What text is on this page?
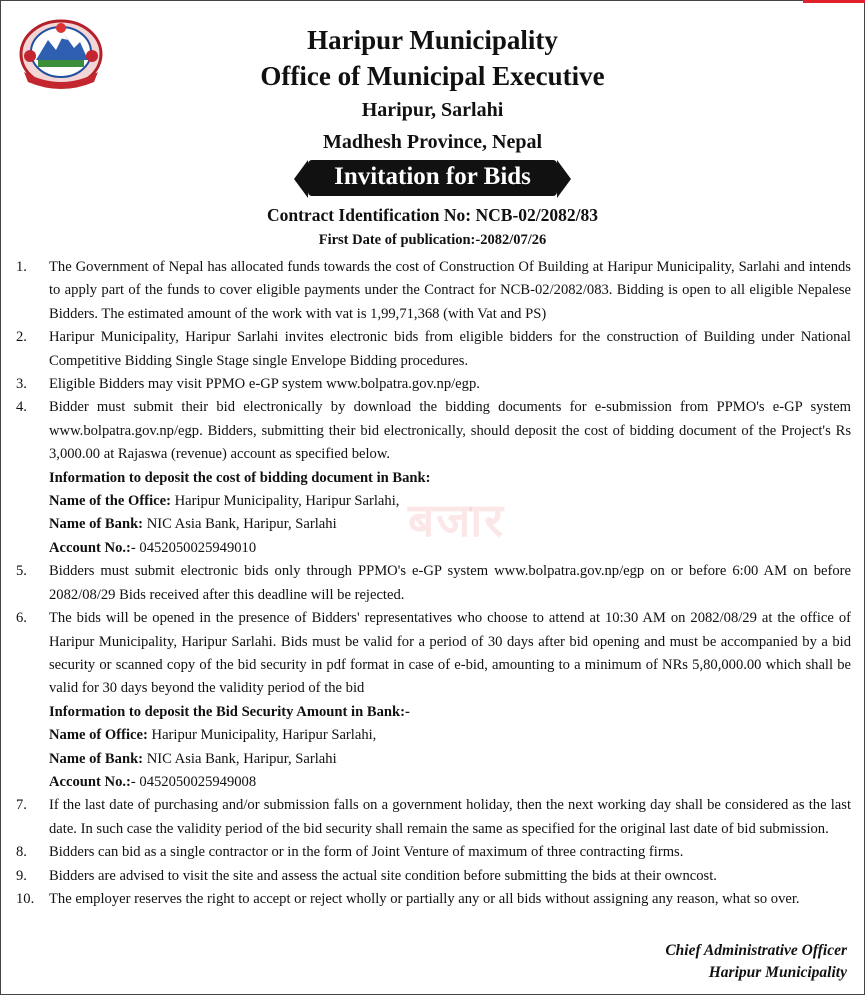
Haripur Municipality
Office of Municipal Executive
Haripur, Sarlahi
Madhesh Province, Nepal
Invitation for Bids
Contract Identification No: NCB-02/2082/83
First Date of publication:-2082/07/26
बजार
1.	The Government of Nepal has allocated funds towards the cost of Construction Of Building at Haripur Municipality, Sarlahi and intends to apply part of the funds to cover eligible payments under the Contract for NCB-02/2082/083. Bidding is open to all eligible Nepalese Bidders. The estimated amount of the work with vat is 1,99,71,368 (with Vat and PS)
2.	Haripur Municipality, Haripur Sarlahi invites electronic bids from eligible bidders for the construction of Building under National Competitive Bidding Single Stage single Envelope Bidding procedures.
3.	Eligible Bidders may visit PPMO e-GP system www.bolpatra.gov.np/egp.
4.	Bidder must submit their bid electronically by download the bidding documents for e-submission from PPMO's e-GP system www.bolpatra.gov.np/egp. Bidders, submitting their bid electronically, should deposit the cost of bidding document of the Project's Rs 3,000.00 at Rajaswa (revenue) account as specified below.
Information to deposit the cost of bidding document in Bank:
Name of the Office: Haripur Municipality, Haripur Sarlahi,
Name of Bank: NIC Asia Bank, Haripur, Sarlahi
Account No.:- 0452050025949010
5.	Bidders must submit electronic bids only through PPMO's e-GP system www.bolpatra.gov.np/egp on or before 6:00 AM on before 2082/08/29 Bids received after this deadline will be rejected.
6.	The bids will be opened in the presence of Bidders' representatives who choose to attend at 10:30 AM on 2082/08/29 at the office of Haripur Municipality, Haripur Sarlahi. Bids must be valid for a period of 30 days after bid opening and must be accompanied by a bid security or scanned copy of the bid security in pdf format in case of e-bid, amounting to a minimum of NRs 5,80,000.00 which shall be valid for 30 days beyond the validity period of the bid
Information to deposit the Bid Security Amount in Bank:-
Name of Office: Haripur Municipality, Haripur Sarlahi,
Name of Bank: NIC Asia Bank, Haripur, Sarlahi
Account No.:- 0452050025949008
7.	If the last date of purchasing and/or submission falls on a government holiday, then the next working day shall be considered as the last date. In such case the validity period of the bid security shall remain the same as specified for the original last date of bid submission.
8.	Bidders can bid as a single contractor or in the form of Joint Venture of maximum of three contracting firms.
9.	Bidders are advised to visit the site and assess the actual site condition before submitting the bids at their owncost.
10.	The employer reserves the right to accept or reject wholly or partially any or all bids without assigning any reason, what so over.
Chief Administrative Officer
Haripur Municipality
